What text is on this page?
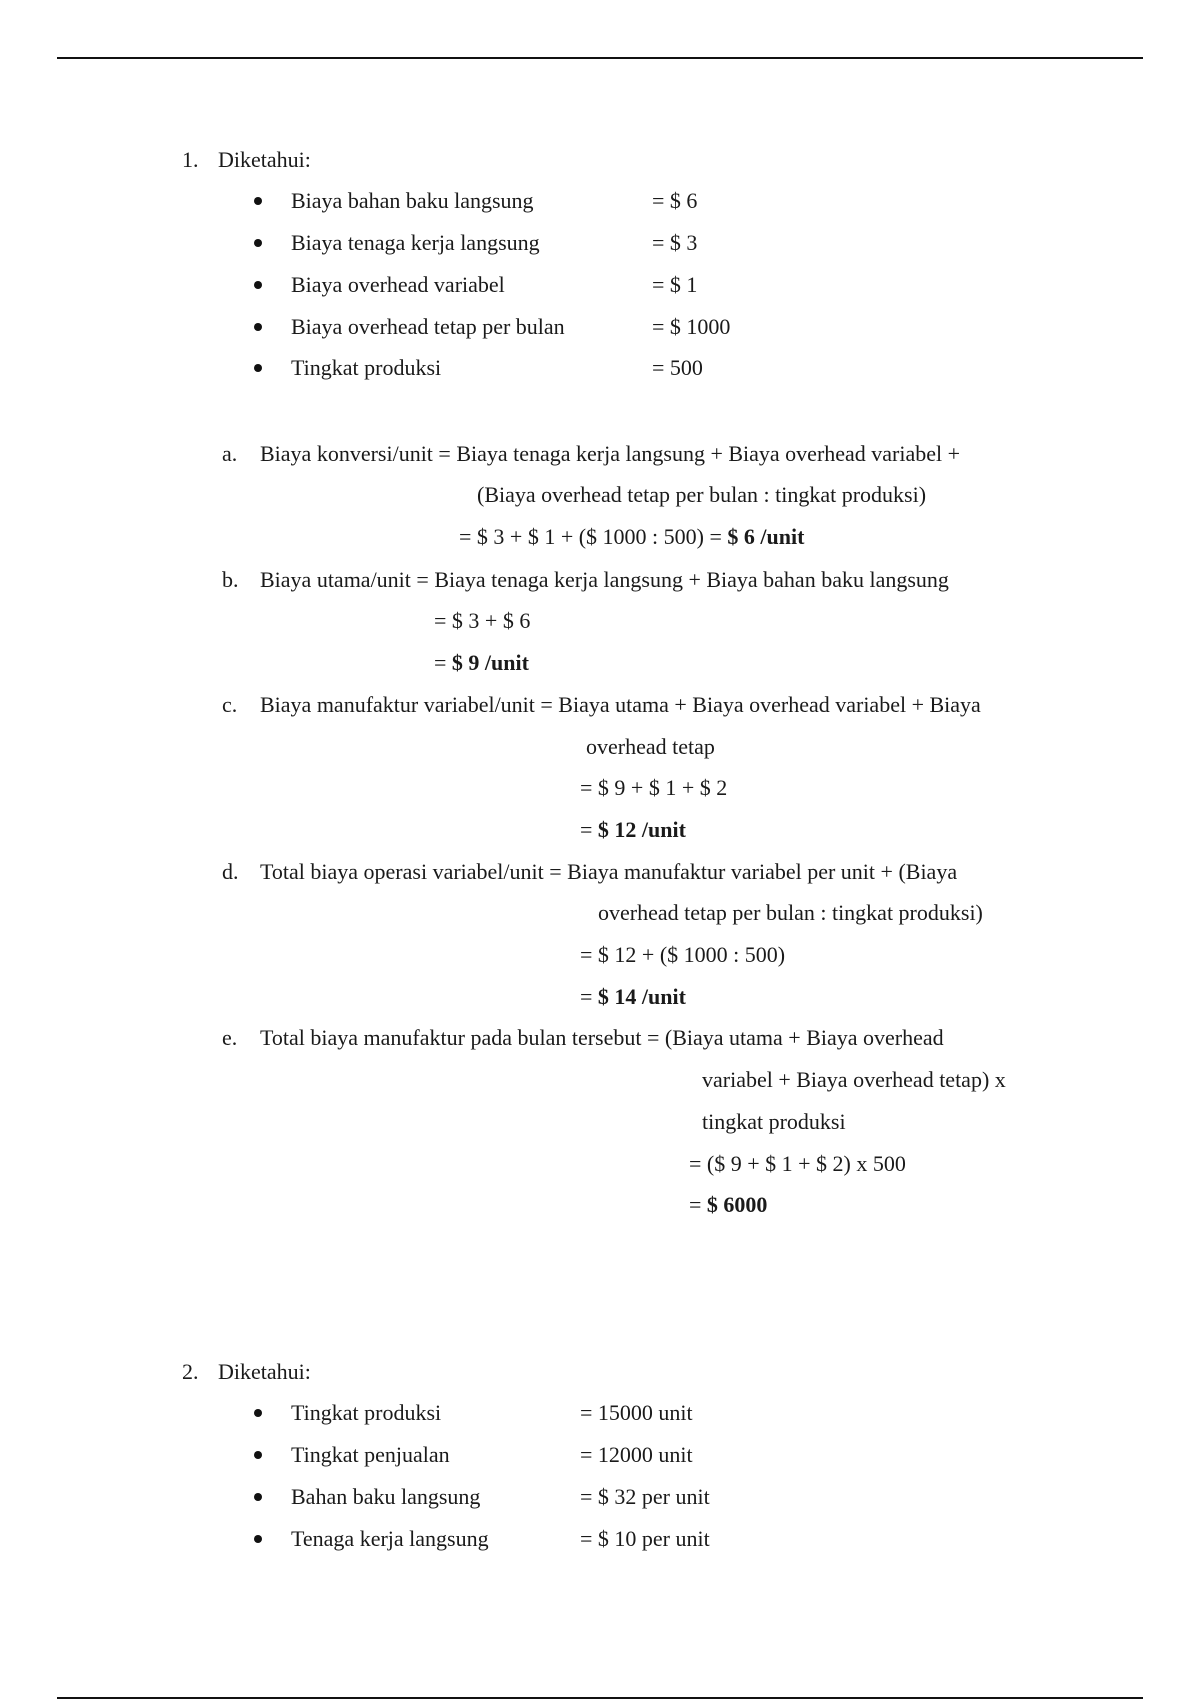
1. Diketahui:
Biaya bahan baku langsung	= $ 6
Biaya tenaga kerja langsung	= $ 3
Biaya overhead variabel	= $ 1
Biaya overhead tetap per bulan	= $ 1000
Tingkat produksi	= 500
a. Biaya konversi/unit = Biaya tenaga kerja langsung + Biaya overhead variabel +
(Biaya overhead tetap per bulan : tingkat produksi)
= $ 3 + $ 1 + ($ 1000 : 500) = $ 6 /unit
b. Biaya utama/unit = Biaya tenaga kerja langsung + Biaya bahan baku langsung
= $ 3 + $ 6
= $ 9 /unit
c. Biaya manufaktur variabel/unit = Biaya utama + Biaya overhead variabel + Biaya
overhead tetap
= $ 9 + $ 1 + $ 2
= $ 12 /unit
d. Total biaya operasi variabel/unit = Biaya manufaktur variabel per unit + (Biaya
overhead tetap per bulan : tingkat produksi)
= $ 12 + ($ 1000 : 500)
= $ 14 /unit
e. Total biaya manufaktur pada bulan tersebut = (Biaya utama + Biaya overhead
variabel + Biaya overhead tetap) x
tingkat produksi
= ($ 9 + $ 1 + $ 2) x 500
= $ 6000
2. Diketahui:
Tingkat produksi	= 15000 unit
Tingkat penjualan	= 12000 unit
Bahan baku langsung	= $ 32 per unit
Tenaga kerja langsung	= $ 10 per unit
